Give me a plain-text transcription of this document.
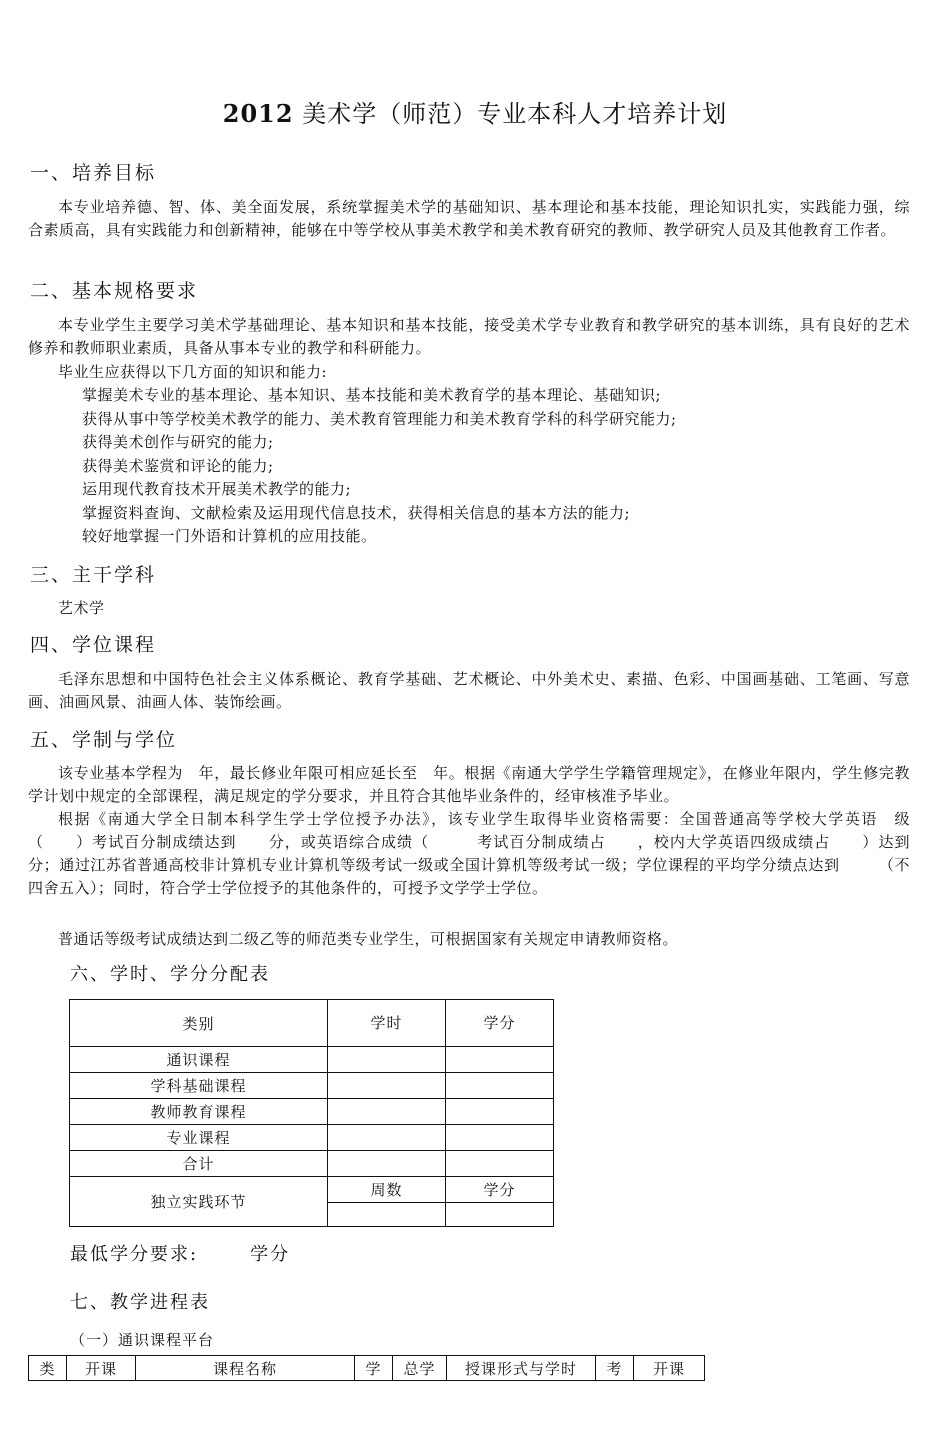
2012 美术学（师范）专业本科人才培养计划

一、培养目标

本专业培养德、智、体、美全面发展，系统掌握美术学的基础知识、基本理论和基本技能，理论知识扎实，实践能力强，综合素质高，具有实践能力和创新精神，能够在中等学校从事美术教学和美术教育研究的教师、教学研究人员及其他教育工作者。

二、基本规格要求

本专业学生主要学习美术学基础理论、基本知识和基本技能，接受美术学专业教育和教学研究的基本训练，具有良好的艺术修养和教师职业素质，具备从事本专业的教学和科研能力。

毕业生应获得以下几方面的知识和能力:

掌握美术专业的基本理论、基本知识、基本技能和美术教育学的基本理论、基础知识;
获得从事中等学校美术教学的能力、美术教育管理能力和美术教育学科的科学研究能力;
获得美术创作与研究的能力;
获得美术鉴赏和评论的能力;
运用现代教育技术开展美术教学的能力;
掌握资料查询、文献检索及运用现代信息技术，获得相关信息的基本方法的能力;
较好地掌握一门外语和计算机的应用技能。

三、主干学科

艺术学

四、学位课程

毛泽东思想和中国特色社会主义体系概论、教育学基础、艺术概论、中外美术史、素描、色彩、中国画基础、工笔画、写意画、油画风景、油画人体、装饰绘画。

五、学制与学位

该专业基本学程为　年，最长修业年限可相应延长至　年。根据《南通大学学生学籍管理规定》，在修业年限内，学生修完教学计划中规定的全部课程，满足规定的学分要求，并且符合其他毕业条件的，经审核准予毕业。

根据《南通大学全日制本科学生学士学位授予办法》，该专业学生取得毕业资格需要：全国普通高等学校大学英语　级（　　）考试百分制成绩达到　　分，或英语综合成绩（　　　考试百分制成绩占　　，校内大学英语四级成绩占　　）达到　　分；通过江苏省普通高校非计算机专业计算机等级考试一级或全国计算机等级考试一级；学位课程的平均学分绩点达到　　　（不四舍五入）；同时，符合学士学位授予的其他条件的，可授予文学学士学位。

普通话等级考试成绩达到二级乙等的师范类专业学生，可根据国家有关规定申请教师资格。

六、学时、学分分配表

类别	学时	学分
通识课程		
学科基础课程		
教师教育课程		
专业课程		
合计		
独立实践环节	周数	学分

最低学分要求:	学分

七、教学进程表

（一）通识课程平台

类	开课	课程名称	学	总学	授课形式与学时	考	开课
